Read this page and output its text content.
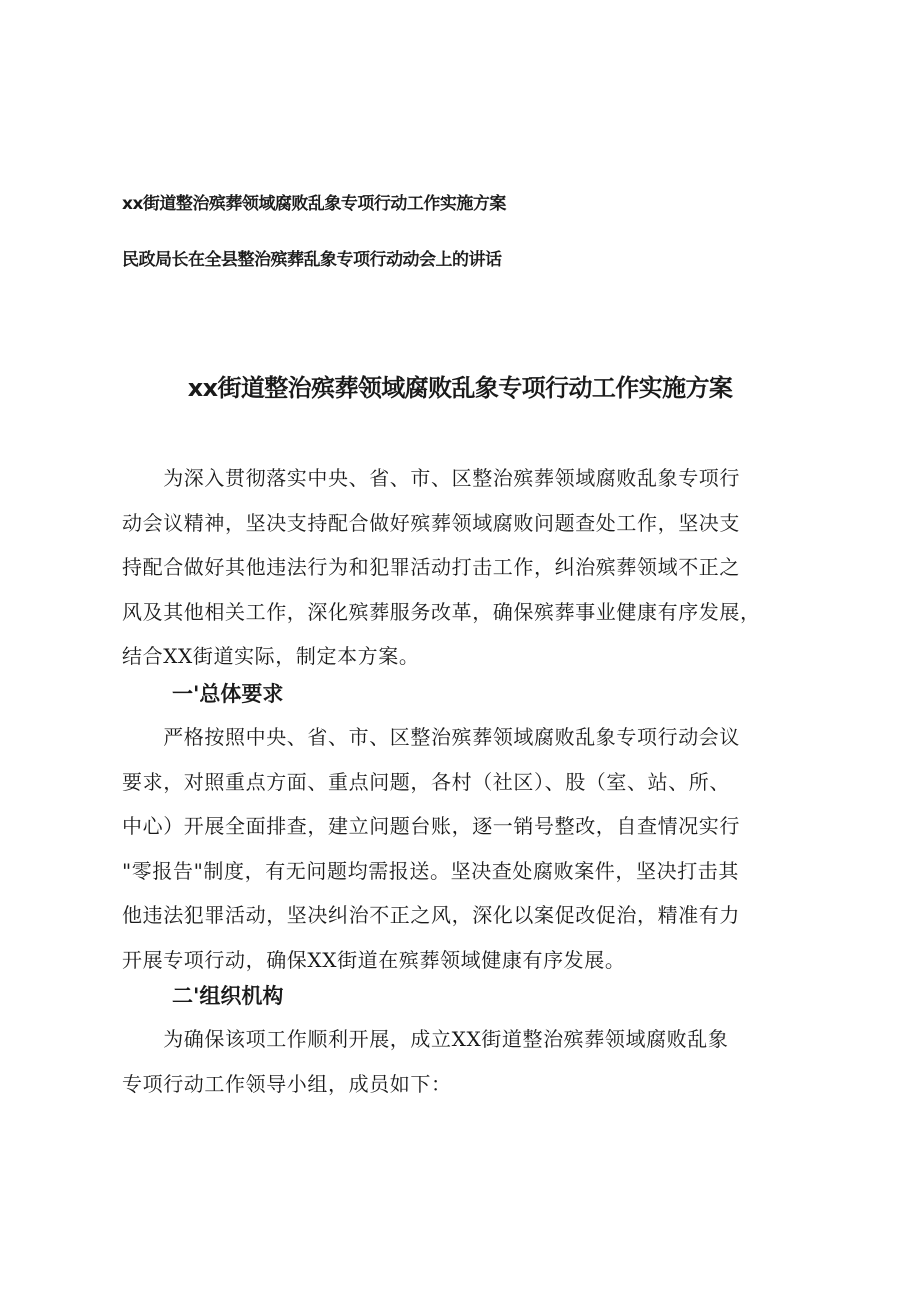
xx街道整治殡葬领域腐败乱象专项行动工作实施方案
民政局长在全县整治殡葬乱象专项行动动会上的讲话
xx街道整治殡葬领域腐败乱象专项行动工作实施方案
　　为深入贯彻落实中央、省、市、区整治殡葬领域腐败乱象专项行
动会议精神，坚决支持配合做好殡葬领域腐败问题查处工作，坚决支
持配合做好其他违法行为和犯罪活动打击工作，纠治殡葬领域不正之
风及其他相关工作，深化殡葬服务改革，确保殡葬事业健康有序发展，
结合XX街道实际，制定本方案。
一'总体要求
　　严格按照中央、省、市、区整治殡葬领域腐败乱象专项行动会议
要求，对照重点方面、重点问题，各村（社区）、股（室、站、所、
中心）开展全面排查，建立问题台账，逐一销号整改，自查情况实行
"零报告"制度，有无问题均需报送。坚决查处腐败案件，坚决打击其
他违法犯罪活动，坚决纠治不正之风，深化以案促改促治，精准有力
开展专项行动，确保XX街道在殡葬领域健康有序发展。
二'组织机构
　　为确保该项工作顺利开展，成立XX街道整治殡葬领域腐败乱象
专项行动工作领导小组，成员如下：
